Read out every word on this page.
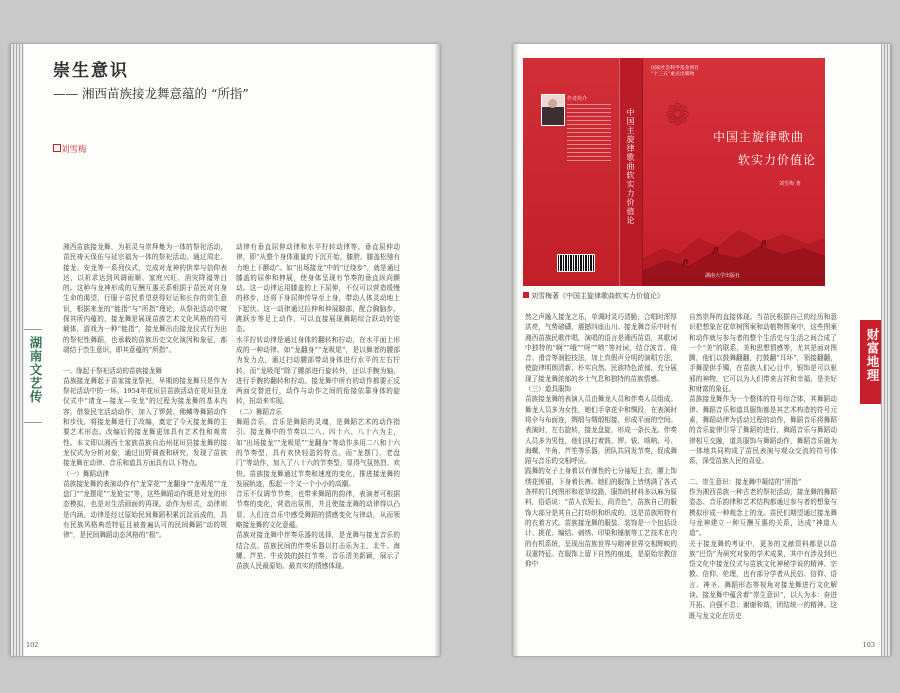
崇生意识
—— 湘西苗族接龙舞意蕴的 “所指”
刘雪梅
湖南文艺传
湘西苗族接龙舞，为祖灵与崇拜集为一体的祭祀活动，苗民祷天保佑与延宗福为一体的祭祀活动。通过周走、接龙、安龙等一系列仪式，完成对龙神的供奉与信仰表达，以祈求达到风调雨顺、家庭兴旺、消灾降福等目的。这种与龙神形成的互酬互惠关系根据于苗民对自身生命的渴望，行服于苗民希望获得好运和长存的崇生意识，根据来龙的“能指”与“所指”理论，从祭祀活动中窥探其所内蕴的，接龙舞是展现苗族艺术文化风格的符号载体，游戏为一种“能指”，接龙舞出由接龙仪式行为出的祭祀性舞蹈，也承载的苗族历史文化演因和象征，都端结于祟生意识，即其意蕴的“所指”。

一、缘起于祭祀活动的苗族接龙舞
苗族接龙舞起于苗家接龙祭祀，早期的接龙舞只是作为祭祀活动中的一环。1954年花垣县苗族活动在花垣县龙仪式中“请龙—接龙—安龙”的过程为接龙舞的基本内容，借鉴民宅活动动作，加入了锣鼓、佛鳞等舞蹈动作和步伐，将接龙舞进行了改编，奠定了今天接龙舞的主要艺术形态。改编后的接龙舞更加具有艺术性和观赏性。本文即以湘西土家族苗族自治州花垣县接龙舞的接龙仪式为分析对象，通过田野调查和研究，发现了苗族接龙舞在动律、音乐和道具方面具有以下特点。
（一）舞蹈动律
苗族接龙舞的表演动作有“龙穿花”“龙翻身”“龙吸尾”“龙盘门”“龙摆尾”“龙抢宝”等，这些舞蹈动作既是对龙的形态模拟，也是对生活画面的再现。动作为形式，动律则是内涵。动律是经过原始民间舞蹈积累沉淀而成的，具有民族风格典范特征且被普遍认可的民间舞蹈“动的规律”，是民间舞蹈动态风格的“根”。
动律有垂直屈伸动律和水平拧转动律等。垂直屈伸动律，即“从整个身体重量的下沉开始，膝胯、膝盖松驰有力地上下颤动”。如“出场接龙”中的“迂绕步”，就是通过膝盖的屈伸和抻展，使身体呈现有节奏的垂直纵向颤动。这一动律运用膝盖的上下屈伸，不仅可以营造缓慢的移步，还将下身屈伸传导至上身，带动人体灵动地上下起伏。这一动律通过拉伸和伸展脚部，配合胸脑步、跳跃步等足上动作，可以直接展现舞蹈综合跃动的姿态。
水平拧转动律是通过身体的翻转和拧动，在水平面上形成的一种动律。如“龙翻身”“龙吸尾”，是以舞者的腰部为发力点，通过扫动腰部带动身体进行水平的左右拧转，而“龙吸尾”除了腰部进行旋转外，还以手腕为轴，进行手腕的翻转和拧动。接龙舞中所有的动作都要正反两面交替进行，动作与动作之间的衔接依靠身体的旋转，扭动来实现。
（二）舞蹈音乐
舞蹈音乐，音乐是舞蹈的灵魂，是舞蹈艺术的动作指引。接龙舞中的节奏以二八、四十六、八十六为主，如“出场接龙”“龙吸尾”“龙翻身”等动作多用二八和十六的节奏型，具有欢快轻盈的特点。而“龙摆门、老盘门”等动作，加入了八十六的节奏型，显得气氛热烈、欢快。苗族接龙舞通过节奏和速度的变化，推进接龙舞的发展轨迹，酝起一个又一个小小的高潮。
音乐不仅调节节奏，也带来舞蹈的韵律，表演者可根据节奏的变化，营造出氛围，并且使接龙舞的动律得以凸显，人们在音乐中感受舞蹈的情感变化与律动，从而领略接龙舞的文化意蕴。
苗族对接龙舞中伴奏乐器的选择，是龙舞与接龙音乐的结合点。苗族民间的伴奏乐器以打击乐为主，北牛、海螺、芦笙、牛皮鼓的鼓打节奏，音乐清美新颖，展示了苗族人民最原始、最真实的情感体现。
102
作者简介
中国主旋律歌曲软实力价值论
国家社会科学基金项目
“十三五”重点出版物
❁
中国主旋律歌曲
软实力价值论
刘雪梅 著
湖南大学出版社
刘雪梅著《中国主旋律歌曲软实力价值论》
财富地理
然之声融入接龙之乐，单调时灵巧清脆，合唱时浑厚洪亮，气势磅礴，震撼四座山川。接龙舞音乐中时有湘西苗族民歌伴唱，演唱的语言是湘西苗语，其歌词中独特的“啊”“哦”“呀”“哟”等衬词，结合波音、倚音、滑音等润腔技法，加上真假声分明的演唱方法，使旋律明朗清新、朴实自然、民族特色浓郁，充分展现了接龙舞浓郁的乡土气息和独特的苗族情感。
（三）道具服饰
苗族接龙舞的表演人员由舞龙人员和伴奏人员组成。舞龙人员多为女性，她们手拿花伞和绸段，在表演时将伞与布面连，绸缎与绸缎相接，形成平面的空间。表演时，左右旋转，接龙盘旋，形成一条长龙。伴奏人员多为男性，他们执打着鼓、锣、钹、唢呐、号、海螺、牛角、芦笙等乐器，团队共同发节奏，促成舞蹈与音乐的交相呼应。
践舞的女子上身着以有弹性的七分袖短上衣，腰上饰绣花围裙，下身着长裤。她们的服饰上皆绣满了各式各样的几何图形和花草纹路，服饰的材料多以麻为原料，俗语说：“苗人衣短长，尚青色”，苗族自己的服饰大部分是其自己打纺织和织成的，这是苗族所特有的衣着方式。苗族接龙舞的服装、装饰是一个包括设计、挑花、编结、刺绣、印染和锤制等工艺技术在内的有机系统，呈现出苗族世界与精神世界交相辉映的双重特征。在服饰上留下自然的痕迹，是原始宗教信仰中
自然崇拜的直接体现。当苗民根据自己的经历和意识把想象在花草树图案和动植物图案中，这些图案和动作就与参与者的整个生活史与生活之间合成了一个“美”的联系，美和思想情感等，尤其是面对图腾，他们以鼓舞翻翻，打鼓翻“耳环”，领接翻翻，手舞提供手镯，在苗族人们心目中，银饰是可以驱邪的神物，它可以为人们带来吉祥和幸福，是美好和财富的象征。
苗族接龙舞作为一个整体的符号综合体，其舞蹈动律、舞蹈音乐和道具服饰都是其艺术构造的符号元素，舞蹈动律为活动过程的动作，舞蹈音乐将舞蹈的音乐旋律引导了舞蹈的进行，舞蹈音乐与舞蹈动律相互交融，道具服饰与舞蹈动作，舞蹈音乐融为一体地共同构成了苗民表演与观众交流的符号体系，深受苗族人民的喜爱。

二、崇生意识：接龙舞中凝结的“所指”
作为湘西苗族一种古老的祭祀活动，接龙舞的舞蹈姿态、音乐韵律和艺术结构都通过参与者的想象与模拟形成一种观念上的龙。苗民们期望通过接龙舞与龙神建立一种互酬互惠的关系，达成“神道人道”。
关于接龙舞的考证中，更多的文献资料都是以苗族“巴岱”为研究对象的学术成果，其中有涉及到巴岱文化中接龙仪式与苗族文化神秘学说的精神、宗教、信仰、伦理，也有部分学者从民俗、信仰、语言、神圣、舞蹈形态等视角对接龙舞进行文化解读。接龙舞中蕴含着“崇生意识”，以人为本：奋进开拓、自强不息；谢谢和谐，团结统一的精神。这既与龙文化在历史
103
